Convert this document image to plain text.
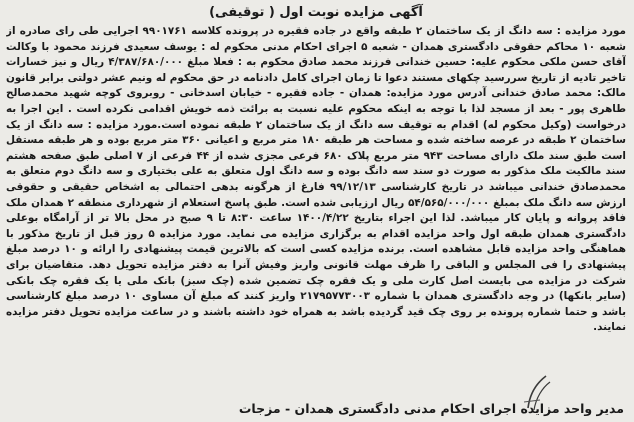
آگهی مزایده نوبت اول ( توقیفی)
مورد مزایده : سه دانگ از یک ساختمان ۲ طبقه واقع در جاده فقیره در پرونده کلاسه ۹۹۰۱۷۶۱ اجرایی طی رای صادره از شعبه ۱۰ محاکم حقوقی دادگستری همدان - شعبه ۵ اجرای احکام مدنی محکوم له : یوسف سعیدی فرزند محمود با وکالت آقای حسن ملکی محکوم علیه: حسین خندانی فرزند محمد صادق محکوم به : فعلا مبلغ ۴/۳۸۷/۶۸۰/۰۰۰ ریال و نیز خسارات تاخیر تادیه از تاریخ سررسید چکهای مستند دعوا تا زمان اجرای کامل دادنامه در حق محکوم له ونیم عشر دولتی برابر قانون مالک: محمد صادق خندانی آدرس مورد مزایده: همدان - جاده فقیره - خیابان اسدخانی - روبروی کوچه شهید محمدصالح طاهری پور - بعد از مسجد لذا با توجه به اینکه محکوم علیه نسبت به برائت ذمه خویش اقدامی نکرده است . این اجرا به درخواست (وکیل محکوم له) اقدام به توقیف سه دانگ از یک ساختمان ۲ طبقه نموده است.مورد مزایده : سه دانگ از یک ساختمان ۲ طبقه در عرصه ساخته شده و مساحت هر طبقه ۱۸۰ متر مربع و اعیانی ۳۶۰ متر مربع بوده و هر طبقه مستقل است طبق سند ملک دارای مساحت ۹۴۳ متر مربع پلاک ۶۸۰ فرعی مجزی شده از ۴۴ فرعی از ۷ اصلی طبق صفحه هشتم سند مالکیت ملک مذکور به صورت دو سند سه دانگ بوده و سه دانگ اول متعلق به علی بختیاری و سه دانگ دوم متعلق به محمدصادق خندانی میباشد در تاریخ کارشناسی ۹۹/۱۲/۱۳ فارغ از هرگونه بدهی احتمالی به اشخاص حقیقی و حقوقی ارزش سه دانگ ملک بمبلغ ۵۴/۵۶۵/۰۰۰/۰۰۰ ریال ارزیابی شده است. طبق پاسخ استعلام از شهرداری منطقه ۲ همدان ملک فاقد پروانه و پایان کار میباشد. لذا این اجراء بتاریخ ۱۴۰۰/۴/۲۲ ساعت ۸:۳۰ تا ۹ صبح در محل بالا تر از آرامگاه بوعلی دادگستری همدان طبقه اول واحد مزایده اقدام به برگزاری مزایده می نماید. مورد مزایده ۵ روز قبل از تاریخ مذکور با هماهنگی واحد مزایده قابل مشاهده است. برنده مزایده کسی است که بالاترین قیمت پیشنهادی را ارائه و ۱۰ درصد مبلغ پیشنهادی را فی المجلس و الباقی را ظرف مهلت قانونی واریز وفیش آنرا به دفتر مزایده تحویل دهد. متقاضیان برای شرکت در مزایده می بایست اصل کارت ملی و یک فقره چک تضمین شده (چک سبز) بانک ملی یا یک فقره چک بانکی (سایر بانکها) در وجه دادگستری همدان با شماره ۲۱۷۹۵۷۷۳۰۰۳ واریز کنند که مبلغ آن مساوی ۱۰ درصد مبلغ کارشناسی باشد و حتما شماره پرونده بر روی چک قید گردیده باشد به همراه خود داشته باشند و در ساعت مزایده تحویل دفتر مزایده نمایند.
مدیر واحد مزایده اجرای احکام مدنی دادگستری همدان - مزجات
